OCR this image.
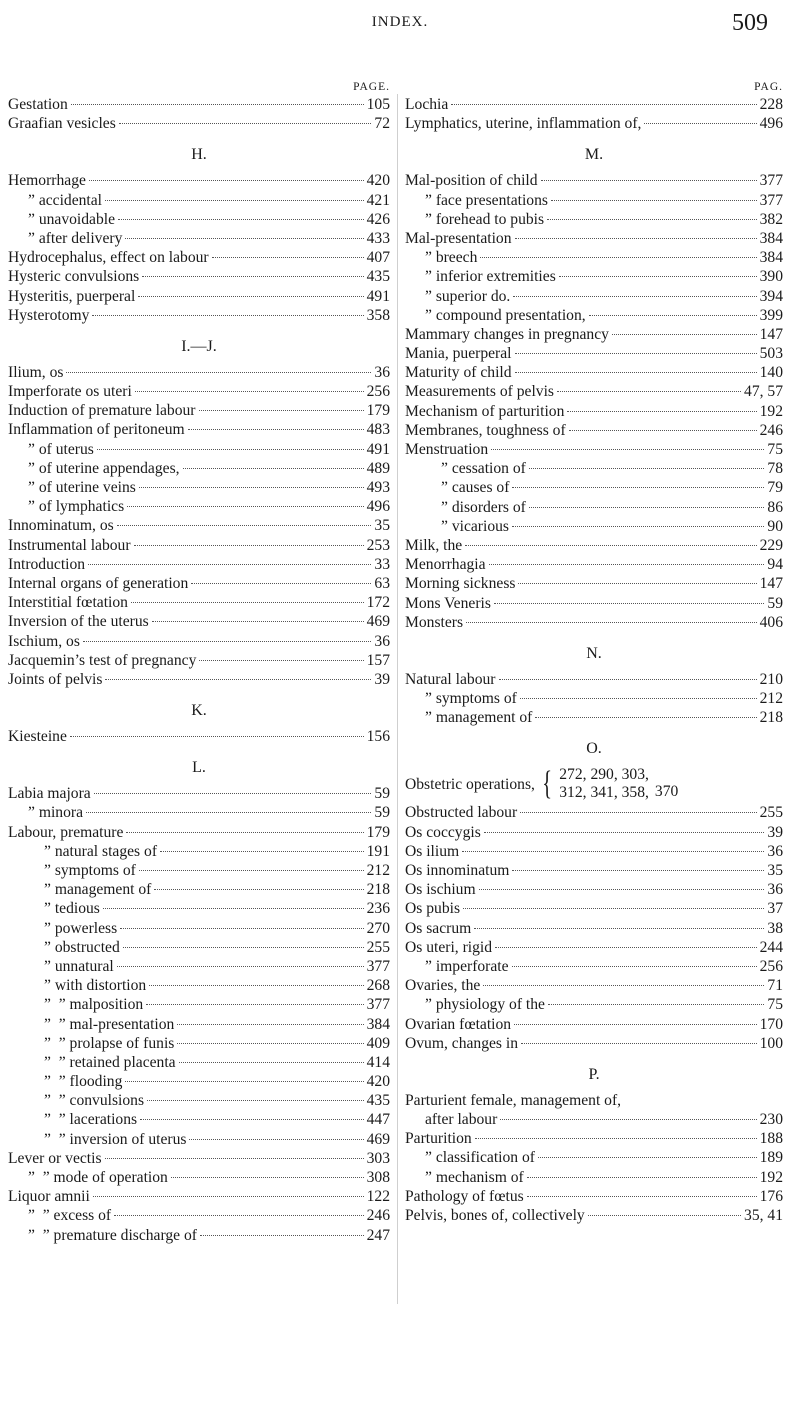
INDEX.	509
PAGE.
Gestation	105
Graafian vesicles	72
H.
Hemorrhage	420
” accidental	421
” unavoidable	426
” after delivery	433
Hydrocephalus, effect on labour	407
Hysteric convulsions	435
Hysteritis, puerperal	491
Hysterotomy	358
I.—J.
Ilium, os	36
Imperforate os uteri	256
Induction of premature labour	179
Inflammation of peritoneum	483
” of uterus	491
” of uterine appendages,	489
” of uterine veins	493
” of lymphatics	496
Innominatum, os	35
Instrumental labour	253
Introduction	33
Internal organs of generation	63
Interstitial fœtation	172
Inversion of the uterus	469
Ischium, os	36
Jacquemin’s test of pregnancy	157
Joints of pelvis	39
K.
Kiesteine	156
L.
Labia majora	59
” minora	59
Labour, premature	179
” natural stages of	191
” symptoms of	212
” management of	218
” tedious	236
” powerless	270
” obstructed	255
” unnatural	377
” with distortion	268
”  ” malposition	377
”  ” mal-presentation	384
”  ” prolapse of funis	409
”  ” retained placenta	414
”  ” flooding	420
”  ” convulsions	435
”  ” lacerations	447
”  ” inversion of uterus	469
Lever or vectis	303
”  ” mode of operation	308
Liquor amnii	122
”  ” excess of	246
”  ” premature discharge of	247
PAG.
Lochia	228
Lymphatics, uterine, inflammation of,	496
M.
Mal-position of child	377
” face presentations	377
” forehead to pubis	382
Mal-presentation	384
” breech	384
” inferior extremities	390
” superior do.	394
” compound presentation,	399
Mammary changes in pregnancy	147
Mania, puerperal	503
Maturity of child	140
Measurements of pelvis	47, 57
Mechanism of parturition	192
Membranes, toughness of	246
Menstruation	75
” cessation of	78
” causes of	79
” disorders of	86
” vicarious	90
Milk, the	229
Menorrhagia	94
Morning sickness	147
Mons Veneris	59
Monsters	406
N.
Natural labour	210
” symptoms of	212
” management of	218
O.
Obstetric operations, { 272, 290, 303,
312, 341, 358, 370
Obstructed labour	255
Os coccygis	39
Os ilium	36
Os innominatum	35
Os ischium	36
Os pubis	37
Os sacrum	38
Os uteri, rigid	244
” imperforate	256
Ovaries, the	71
” physiology of the	75
Ovarian fœtation	170
Ovum, changes in	100
P.
Parturient female, management of,
after labour	230
Parturition	188
” classification of	189
” mechanism of	192
Pathology of fœtus	176
Pelvis, bones of, collectively	35, 41
